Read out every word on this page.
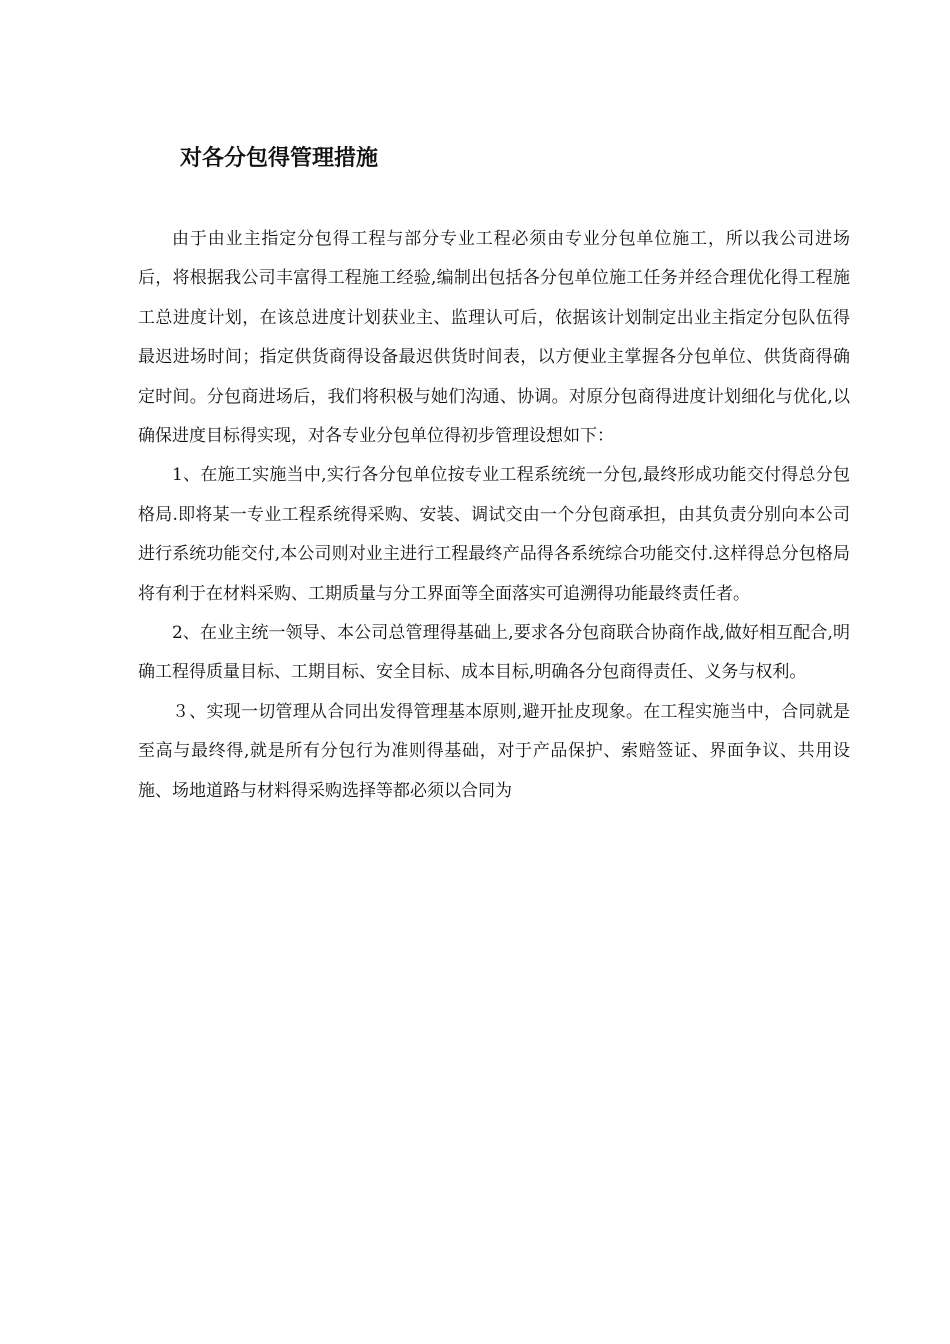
对各分包得管理措施

由于由业主指定分包得工程与部分专业工程必须由专业分包单位施工，所以我公司进场后，将根据我公司丰富得工程施工经验,编制出包括各分包单位施工任务并经合理优化得工程施工总进度计划，在该总进度计划获业主、监理认可后，依据该计划制定出业主指定分包队伍得最迟进场时间；指定供货商得设备最迟供货时间表，以方便业主掌握各分包单位、供货商得确定时间。分包商进场后，我们将积极与她们沟通、协调。对原分包商得进度计划细化与优化,以确保进度目标得实现，对各专业分包单位得初步管理设想如下：

1、在施工实施当中,实行各分包单位按专业工程系统统一分包,最终形成功能交付得总分包格局.即将某一专业工程系统得采购、安装、调试交由一个分包商承担，由其负责分别向本公司进行系统功能交付,本公司则对业主进行工程最终产品得各系统综合功能交付.这样得总分包格局将有利于在材料采购、工期质量与分工界面等全面落实可追溯得功能最终责任者。

2、在业主统一领导、本公司总管理得基础上,要求各分包商联合协商作战,做好相互配合,明确工程得质量目标、工期目标、安全目标、成本目标,明确各分包商得责任、义务与权利。

３、实现一切管理从合同出发得管理基本原则,避开扯皮现象。在工程实施当中，合同就是至高与最终得,就是所有分包行为准则得基础，对于产品保护、索赔签证、界面争议、共用设施、场地道路与材料得采购选择等都必须以合同为
